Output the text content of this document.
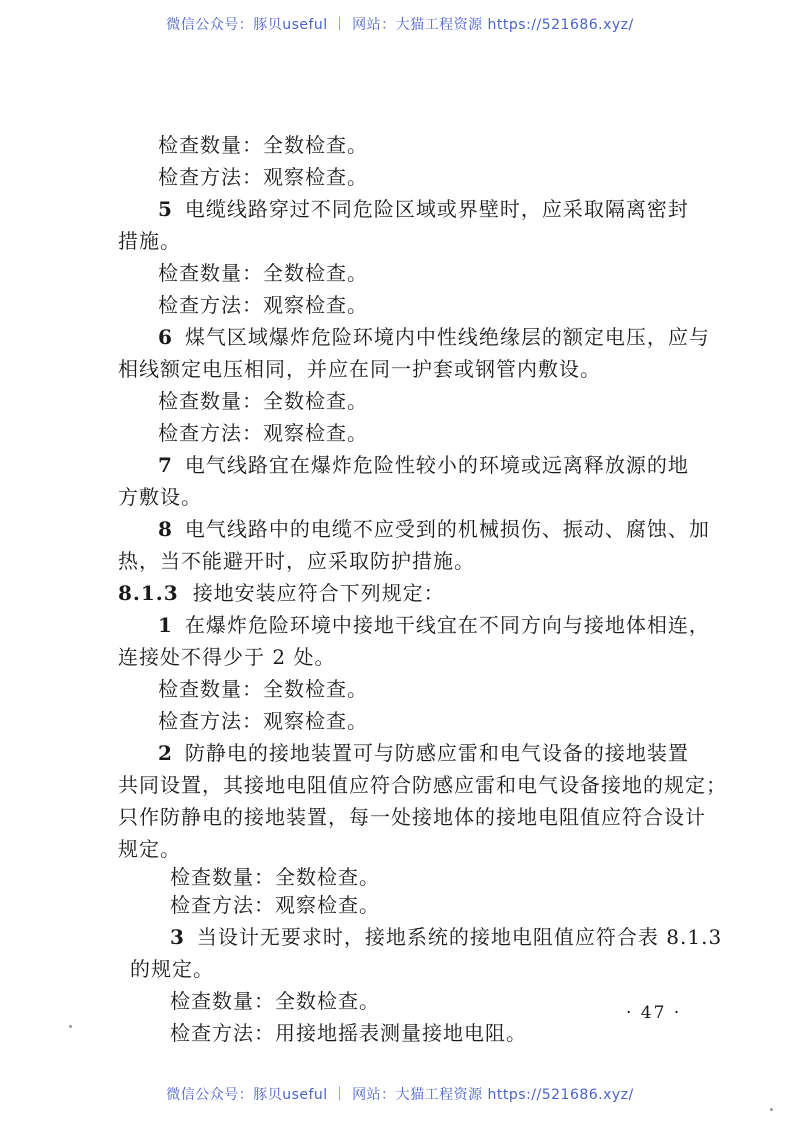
微信公众号：豚贝useful ｜ 网站：大猫工程资源 https://521686.xyz/
检查数量：全数检查。
检查方法：观察检查。
5 电缆线路穿过不同危险区域或界壁时，应采取隔离密封
措施。
检查数量：全数检查。
检查方法：观察检查。
6 煤气区域爆炸危险环境内中性线绝缘层的额定电压，应与
相线额定电压相同，并应在同一护套或钢管内敷设。
检查数量：全数检查。
检查方法：观察检查。
7 电气线路宜在爆炸危险性较小的环境或远离释放源的地
方敷设。
8 电气线路中的电缆不应受到的机械损伤、振动、腐蚀、加
热，当不能避开时，应采取防护措施。
8.1.3 接地安装应符合下列规定：
1 在爆炸危险环境中接地干线宜在不同方向与接地体相连，
连接处不得少于 2 处。
检查数量：全数检查。
检查方法：观察检查。
2 防静电的接地装置可与防感应雷和电气设备的接地装置
共同设置，其接地电阻值应符合防感应雷和电气设备接地的规定；
只作防静电的接地装置，每一处接地体的接地电阻值应符合设计
规定。
检查数量：全数检查。
检查方法：观察检查。
3 当设计无要求时，接地系统的接地电阻值应符合表 8.1.3
的规定。
检查数量：全数检查。
检查方法：用接地摇表测量接地电阻。
· 47 ·
微信公众号：豚贝useful ｜ 网站：大猫工程资源 https://521686.xyz/
